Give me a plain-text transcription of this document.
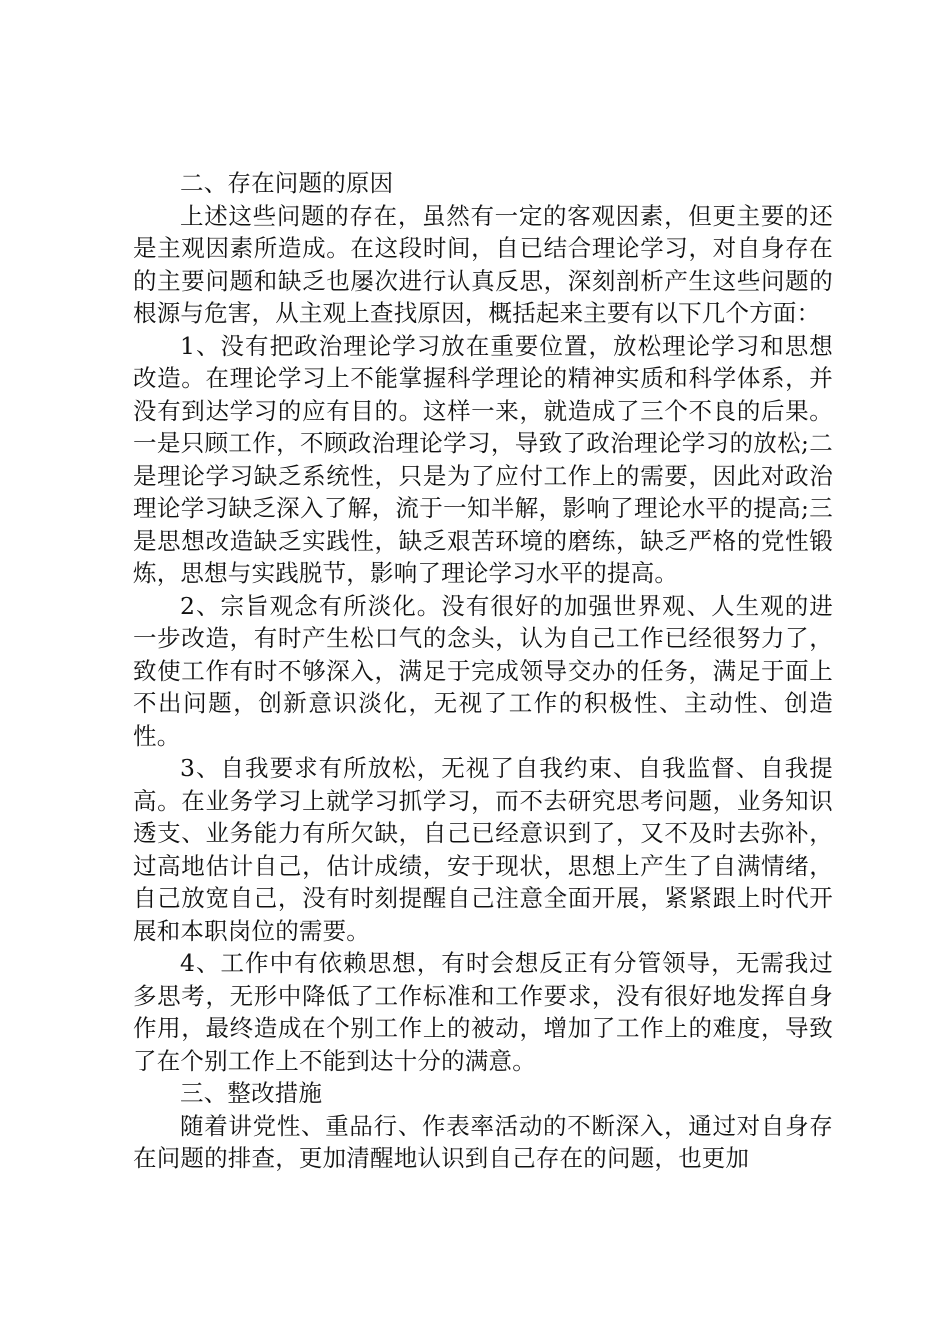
二、存在问题的原因

上述这些问题的存在，虽然有一定的客观因素，但更主要的还是主观因素所造成。在这段时间，自已结合理论学习，对自身存在的主要问题和缺乏也屡次进行认真反思，深刻剖析产生这些问题的根源与危害，从主观上查找原因，概括起来主要有以下几个方面：

1、没有把政治理论学习放在重要位置，放松理论学习和思想改造。在理论学习上不能掌握科学理论的精神实质和科学体系，并没有到达学习的应有目的。这样一来，就造成了三个不良的后果。一是只顾工作，不顾政治理论学习，导致了政治理论学习的放松;二是理论学习缺乏系统性，只是为了应付工作上的需要，因此对政治理论学习缺乏深入了解，流于一知半解，影响了理论水平的提高;三是思想改造缺乏实践性，缺乏艰苦环境的磨练，缺乏严格的党性锻炼，思想与实践脱节，影响了理论学习水平的提高。

2、宗旨观念有所淡化。没有很好的加强世界观、人生观的进一步改造，有时产生松口气的念头，认为自己工作已经很努力了，致使工作有时不够深入，满足于完成领导交办的任务，满足于面上不出问题，创新意识淡化，无视了工作的积极性、主动性、创造性。

3、自我要求有所放松，无视了自我约束、自我监督、自我提高。在业务学习上就学习抓学习，而不去研究思考问题，业务知识透支、业务能力有所欠缺，自己已经意识到了，又不及时去弥补，过高地估计自己，估计成绩，安于现状，思想上产生了自满情绪，自己放宽自己，没有时刻提醒自己注意全面开展，紧紧跟上时代开展和本职岗位的需要。

4、工作中有依赖思想，有时会想反正有分管领导，无需我过多思考，无形中降低了工作标准和工作要求，没有很好地发挥自身作用，最终造成在个别工作上的被动，增加了工作上的难度，导致了在个别工作上不能到达十分的满意。

三、整改措施

随着讲党性、重品行、作表率活动的不断深入，通过对自身存在问题的排查，更加清醒地认识到自己存在的问题，也更加
